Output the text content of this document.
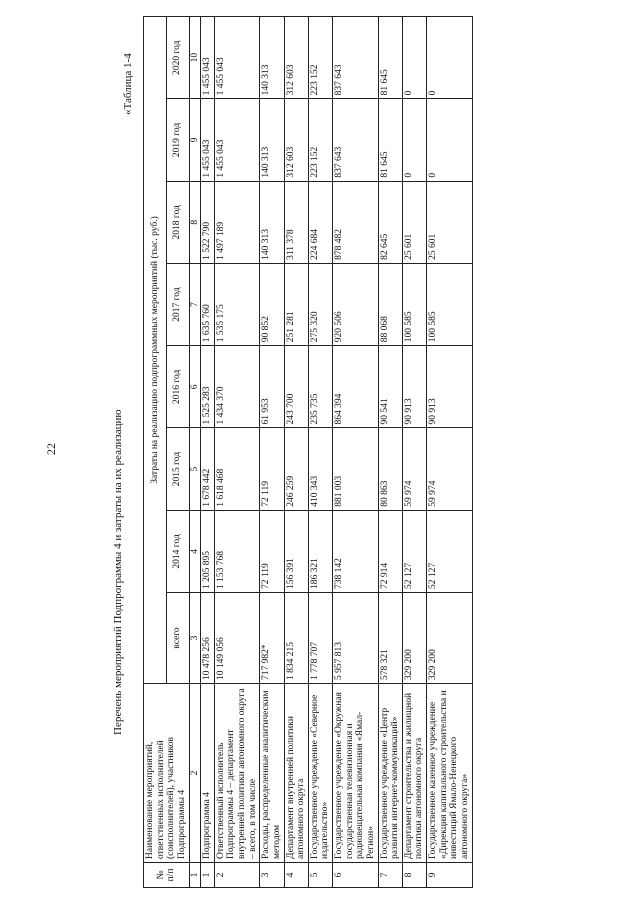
22	Перечень мероприятий Подпрограммы 4 и затраты на их реализацию
«Таблица 1-4
№ п/п	Наименование мероприятий, ответственных исполнителей (соисполнителей), участников Подпрограммы 4	Затраты на реализацию подпрограммных мероприятий (тыс. руб.)							
		всего	2014 год	2015 год	2016 год	2017 год	2018 год	2019 год	2020 год
1	2	3	4	5	6	7	8	9	10
1	Подпрограмма 4	10 478 256	1 205 895	1 678 442	1 525 283	1 635 760	1 522 790	1 455 043	1 455 043
2	Ответственный исполнитель Подпрограммы 4 – департамент внутренней политики автономного округа – всего, в том числе	10 149 056	1 153 768	1 618 468	1 434 370	1 535 175	1 497 189	1 455 043	1 455 043
3	Расходы, распределенные аналитическим методом	717 982*	72 119	72 119	61 953	90 852	140 313	140 313	140 313
4	Департамент внутренней политики автономного округа	1 834 215	156 391	246 259	243 700	251 281	311 378	312 603	312 603
5	Государственное учреждение «Северное издательство»	1 778 707	186 321	410 343	235 735	275 320	224 684	223 152	223 152
6	Государственное учреждение «Окружная государственная телевизионная и радиовещательная компания «Ямал-Регион»	5 957 813	738 142	881 003	864 394	920 506	878 482	837 643	837 643
7	Государственное учреждение «Центр развития интернет-коммуникаций»	578 321	72 914	80 863	90 541	88 068	82 645	81 645	81 645
8	Департамент строительства и жилищной политики автономного округа	329 200	52 127	59 974	90 913	100 585	25 601	0	0
9	Государственное казенное учреждение «Дирекция капитального строительства и инвестиций Ямало-Ненецкого автономного округа»	329 200	52 127	59 974	90 913	100 585	25 601	0	0
